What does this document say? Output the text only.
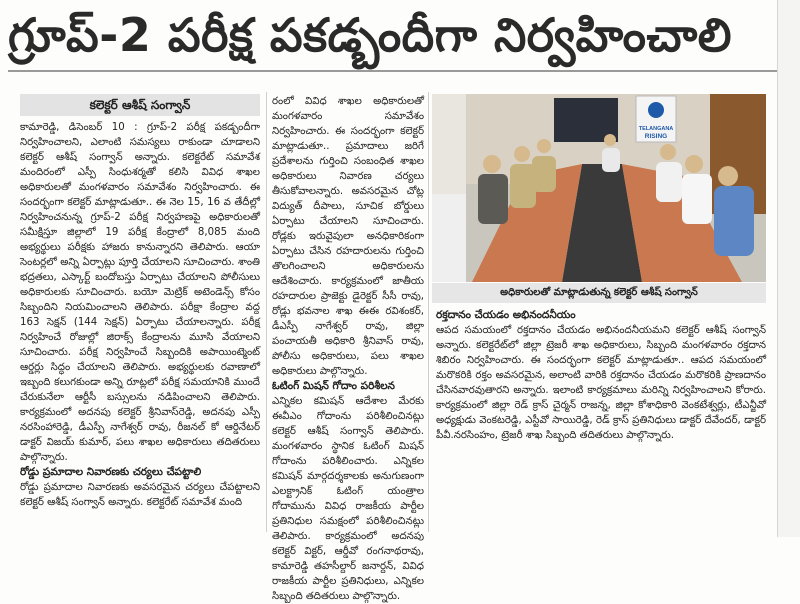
గ్రూప్‌-2 పరీక్ష పకడ్బందీగా నిర్వహించాలి
కలెక్టర్‌ ఆశీష్‌ సంగ్వాన్‌

కామారెడ్డి, డిసెంబర్‌ 10 : గ్రూప్‌-2 పరీక్ష పకడ్బందీగా నిర్వహించాలని, ఎలాంటి సమస్యలు రాకుండా చూడాలని కలెక్టర్‌ ఆశీష్‌ సంగ్వాన్‌ అన్నారు. కలెక్టరేట్‌ సమావేశ మందిరంలో ఎస్పీ సింధుశర్మతో కలిసి వివిధ శాఖల అధికారులతో మంగళవారం సమావేశం నిర్వహించారు. ఈ సందర్భంగా కలెక్టర్‌ మాట్లాడుతూ.. ఈ నెల 15, 16 వ తేదీల్లో నిర్వహించనున్న గ్రూప్‌-2 పరీక్ష నిర్వహణపై అధికారులతో సమీక్షిస్తూ జిల్లాలో 19 పరీక్ష కేంద్రాలో 8,085 మంది అభ్యర్థులు పరీక్షకు హాజరు కానున్నారని తెలిపారు. ఆయా సెంటర్లలో అన్ని ఏర్పాట్లు పూర్తి చేయాలని సూచించారు. శాంతి భద్రతలు, ఎస్కార్ట్‌ బందోబస్తు ఏర్పాటు చేయాలని పోలీసులు అధికారులకు సూచించారు. బయో మెట్రిక్‌ అటెండెన్స్‌ కోసం సిబ్బందిని నియమించాలని తెలిపారు. పరీక్షా కేంద్రాల వద్ద 163 సెక్షన్‌ (144 సెక్షన్‌) ఏర్పాటు చేయాలన్నారు. పరీక్ష నిర్వహించే రోజుల్లో జిరాక్స్‌ కేంద్రాలను మూసి వేయాలని సూచించారు. పరీక్ష నిర్వహించే సిబ్బందికి అపాయింట్మెంట్‌ ఆర్డర్లు సిద్ధం చేయాలని తెలిపారు. అభ్యర్థులకు రవాణాలో ఇబ్బంది కలుగకుండా అన్ని రూట్లలో పరీక్ష సమయానికి ముందే చేరుకునేలా ఆర్టీసీ బస్సులను నడిపించాలని తెలిపారు. కార్యక్రమంలో అదనపు కలెక్టర్‌ శ్రీనివాస్‌రెడ్డి, అదనపు ఎస్పీ నరసింహారెడ్డి, డీఎస్పీ నాగేశ్వర్‌ రావు, రీజనల్‌ కో ఆర్డినేటర్‌ డాక్టర్‌ విజయ్‌ కుమార్‌, పలు శాఖల అధికారులు తదితరులు పాల్గొన్నారు.

రోడ్డు ప్రమాదాల నివారణకు చర్యలు చేపట్టాలి

రోడ్డు ప్రమాదాల నివారణకు అవసరమైన చర్యలు చేపట్టాలని కలెక్టర్‌ ఆశీష్‌ సంగ్వాన్‌ అన్నారు. కలెక్టరేట్‌ సమావేశ మంది

రంలో వివిధ శాఖల అధికారులతో మంగళవారం సమావేశం నిర్వహించారు. ఈ సందర్భంగా కలెక్టర్‌ మాట్లాడుతూ.. ప్రమాదాలు జరిగే ప్రదేశాలను గుర్తించి సంబంధిత శాఖల అధికారులు నివారణ చర్యలు తీసుకోవాలన్నారు. అవసరమైన చోట్ల విద్యుత్‌ దీపాలు, సూచిక బోర్డులు ఏర్పాటు చేయాలని సూచించారు. రోడ్లకు ఇరువైపులా అనధికారికంగా ఏర్పాటు చేసిన రహదారులను గుర్తించి తొలగించాలని అధికారులను ఆదేశించారు. కార్యక్రమంలో జాతీయ రహదారుల ప్రాజెక్టు డైరెక్టర్‌ సీసీ రావు, రోడ్లు భవనాల శాఖ ఈఈ రవిశంకర్‌, డీఎస్పీ నాగేశ్వర్‌ రావు, జిల్లా పంచాయతీ అధికారి శ్రీనివాస్‌ రావు, పోలీసు అధికారులు, పలు శాఖల అధికారులు పాల్గొన్నారు.

ఓటింగ్‌ మిషన్‌ గోదాం పరిశీలన

ఎన్నికల కమిషన్‌ ఆదేశాల మేరకు ఈవీఎం గోదాంను పరిశీలించినట్లు కలెక్టర్‌ ఆశీష్‌ సంగ్వాన్‌ తెలిపారు. మంగళవారం స్థానిక ఓటింగ్‌ మిషన్‌ గోదాంను పరిశీలించారు. ఎన్నికల కమిషన్‌ మార్గదర్శకాలకు అనుగుణంగా ఎలక్ట్రానిక్‌ ఓటింగ్‌ యంత్రాల గోదామును వివిధ రాజకీయ పార్టీల ప్రతినిధుల సమక్షంలో పరిశీలించినట్లు తెలిపారు. కార్యక్రమంలో అదనపు కలెక్టర్‌ విక్టర్‌, ఆర్డీవో రంగనాథరావు, కామారెడ్డి తహసీల్దార్‌ జనార్దన్‌, వివిధ రాజకీయ పార్టీల ప్రతినిధులు, ఎన్నికల సిబ్బంది తదితరులు పాల్గొన్నారు.

TELANGANA
RISING
అధికారులతో మాట్లాడుతున్న కలెక్టర్‌ ఆశీష్‌ సంగ్వాన్‌

రక్తదానం చేయడం అభినందనీయం

ఆపద సమయంలో రక్తదానం చేయడం అభినందనీయమని కలెక్టర్‌ ఆశీష్‌ సంగ్వాన్‌ అన్నారు. కలెక్టరేట్‌లో జిల్లా ట్రెజరీ శాఖ అధికారులు, సిబ్బంది మంగళవారం రక్తదాన శిబిరం నిర్వహించారు. ఈ సందర్భంగా కలెక్టర్‌ మాట్లాడుతూ.. ఆపద సమయంలో మరొకరికి రక్తం అవసరమైన, అలాంటి వారికి రక్తదానం చేయడం మరొకరికి ప్రాణదానం చేసినవారవుతారని అన్నారు. ఇలాంటి కార్యక్రమాలు మరిన్ని నిర్వహించాలని కోరారు. కార్యక్రమంలో జిల్లా రెడ్‌ క్రాస్‌ చైర్మన్‌ రాజన్న, జిల్లా కోశాధికారి వెంకటేశ్వర్లు, టీఎన్జీవో అధ్యక్షుడు వెంకటరెడ్డి, ఎస్టీవో సాయిరెడ్డి, రెడ్‌ క్రాస్‌ ప్రతినిధులు డాక్టర్‌ దేవేందర్‌, డాక్టర్‌ పీవీ.నరసింహం, ట్రెజరీ శాఖ సిబ్బంది తదితరులు పాల్గొన్నారు.
